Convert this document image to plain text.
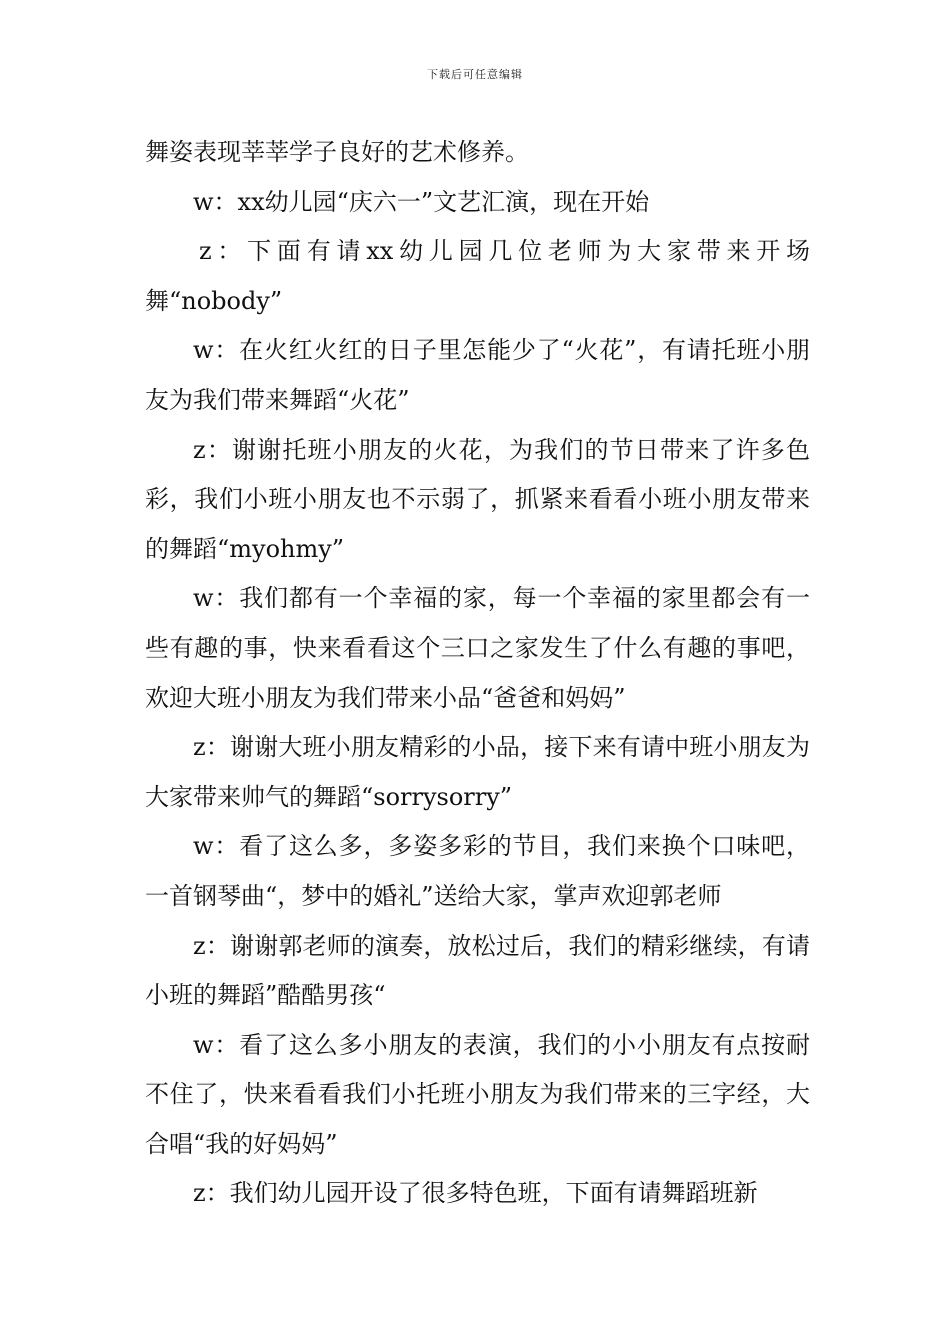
下载后可任意编辑

舞姿表现莘莘学子良好的艺术修养。

w：xx幼儿园“庆六一”文艺汇演，现在开始

z：下面有请xx幼儿园几位老师为大家带来开场舞“nobody”

w：在火红火红的日子里怎能少了“火花”，有请托班小朋友为我们带来舞蹈“火花”

z：谢谢托班小朋友的火花，为我们的节日带来了许多色彩，我们小班小朋友也不示弱了，抓紧来看看小班小朋友带来的舞蹈“myohmy”

w：我们都有一个幸福的家，每一个幸福的家里都会有一些有趣的事，快来看看这个三口之家发生了什么有趣的事吧，欢迎大班小朋友为我们带来小品“爸爸和妈妈”

z：谢谢大班小朋友精彩的小品，接下来有请中班小朋友为大家带来帅气的舞蹈“sorrysorry”

w：看了这么多，多姿多彩的节目，我们来换个口味吧，一首钢琴曲“，梦中的婚礼”送给大家，掌声欢迎郭老师

z：谢谢郭老师的演奏，放松过后，我们的精彩继续，有请小班的舞蹈”酷酷男孩“

w：看了这么多小朋友的表演，我们的小小朋友有点按耐不住了，快来看看我们小托班小朋友为我们带来的三字经，大合唱“我的好妈妈”

z：我们幼儿园开设了很多特色班，下面有请舞蹈班新
